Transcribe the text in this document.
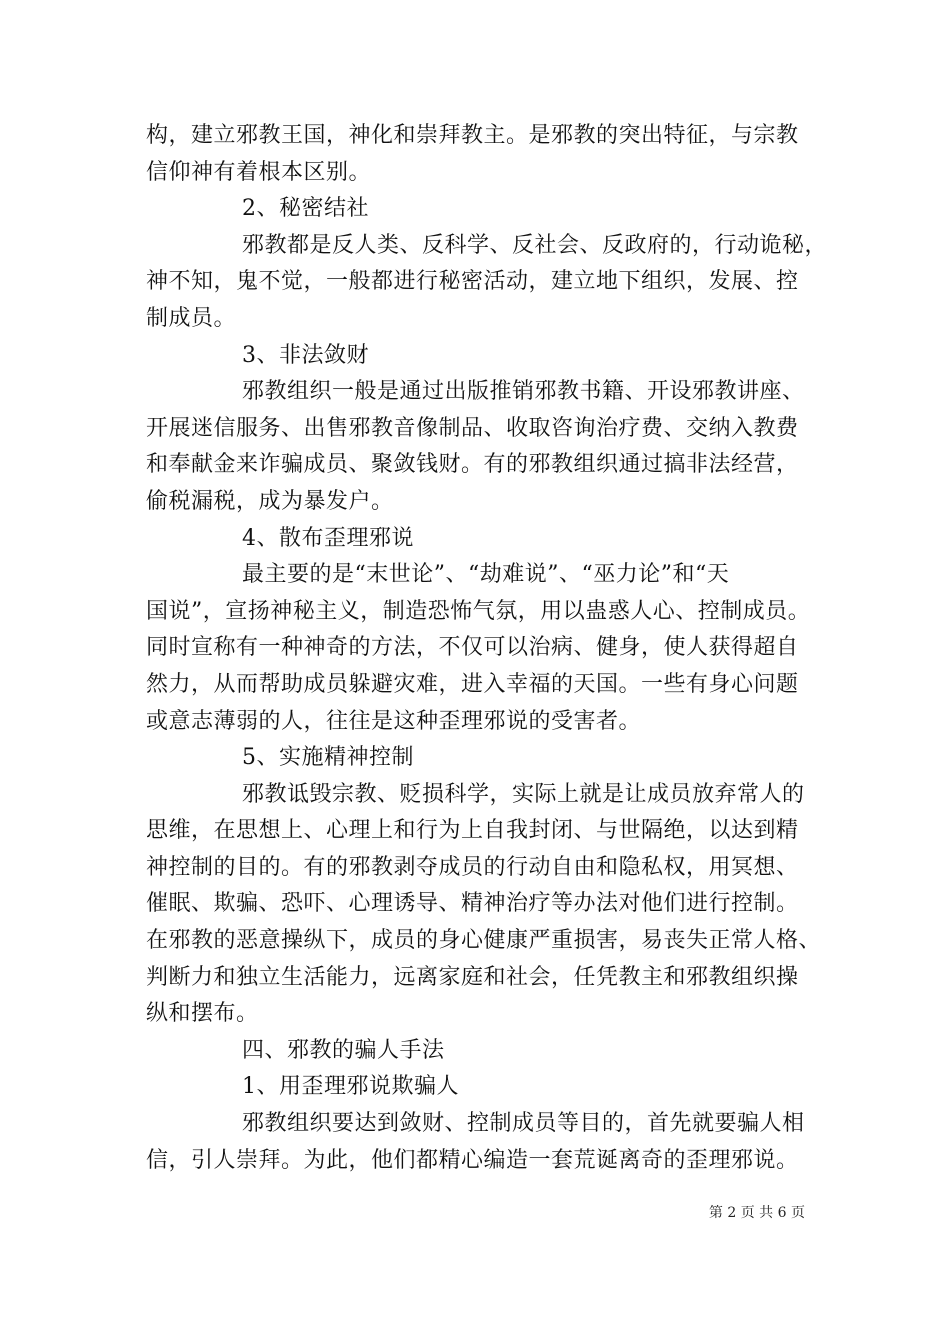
构，建立邪教王国，神化和崇拜教主。是邪教的突出特征，与宗教
信仰神有着根本区别。
2、秘密结社
邪教都是反人类、反科学、反社会、反政府的，行动诡秘，
神不知，鬼不觉，一般都进行秘密活动，建立地下组织，发展、控
制成员。
3、非法敛财
邪教组织一般是通过出版推销邪教书籍、开设邪教讲座、
开展迷信服务、出售邪教音像制品、收取咨询治疗费、交纳入教费
和奉献金来诈骗成员、聚敛钱财。有的邪教组织通过搞非法经营，
偷税漏税，成为暴发户。
4、散布歪理邪说
最主要的是“末世论”、“劫难说”、“巫力论”和“天
国说”，宣扬神秘主义，制造恐怖气氛，用以蛊惑人心、控制成员。
同时宣称有一种神奇的方法，不仅可以治病、健身，使人获得超自
然力，从而帮助成员躲避灾难，进入幸福的天国。一些有身心问题
或意志薄弱的人，往往是这种歪理邪说的受害者。
5、实施精神控制
邪教诋毁宗教、贬损科学，实际上就是让成员放弃常人的
思维，在思想上、心理上和行为上自我封闭、与世隔绝，以达到精
神控制的目的。有的邪教剥夺成员的行动自由和隐私权，用冥想、
催眠、欺骗、恐吓、心理诱导、精神治疗等办法对他们进行控制。
在邪教的恶意操纵下，成员的身心健康严重损害，易丧失正常人格、
判断力和独立生活能力，远离家庭和社会，任凭教主和邪教组织操
纵和摆布。
四、邪教的骗人手法
1、用歪理邪说欺骗人
邪教组织要达到敛财、控制成员等目的，首先就要骗人相
信，引人崇拜。为此，他们都精心编造一套荒诞离奇的歪理邪说。
第 2 页 共 6 页
